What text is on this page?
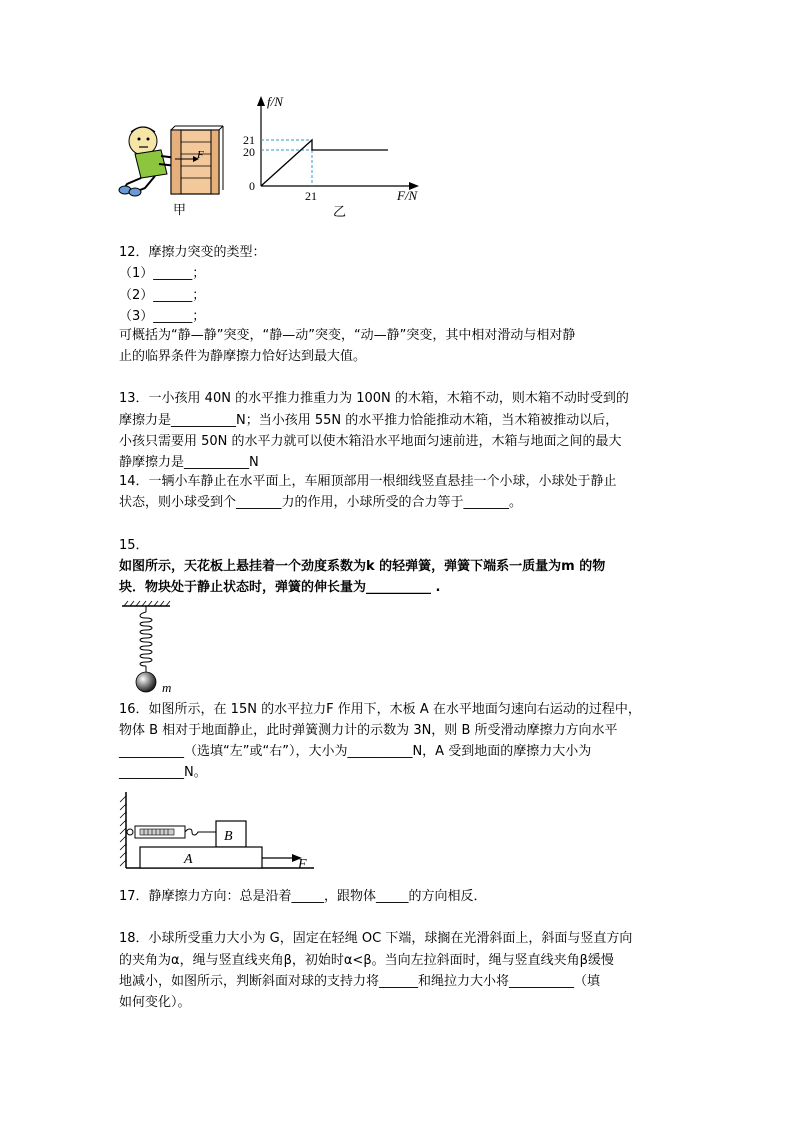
F
甲
f/N
21
20
0
21	F/N
乙
12．摩擦力突变的类型：
（1）______；
（2）______；
（3）______；
可概括为“静—静”突变，“静—动”突变，“动—静”突变，其中相对滑动与相对静
止的临界条件为静摩擦力恰好达到最大值。
13．一小孩用 40N 的水平推力推重力为 100N 的木箱，木箱不动，则木箱不动时受到的
摩擦力是__________N；当小孩用 55N 的水平推力恰能推动木箱，当木箱被推动以后，
小孩只需要用 50N 的水平力就可以使木箱沿水平地面匀速前进，木箱与地面之间的最大
静摩擦力是__________N
14．一辆小车静止在水平面上，车厢顶部用一根细线竖直悬挂一个小球，小球处于静止
状态，则小球受到个_______力的作用，小球所受的合力等于_______。
15．
如图所示，天花板上悬挂着一个劲度系数为k 的轻弹簧，弹簧下端系一质量为m 的物
块．物块处于静止状态时，弹簧的伸长量为__________ .
m
16．如图所示，在 15N 的水平拉力F 作用下，木板 A 在水平地面匀速向右运动的过程中，
物体 B 相对于地面静止，此时弹簧测力计的示数为 3N，则 B 所受滑动摩擦力方向水平
__________（选填“左”或“右”），大小为__________N，A 受到地面的摩擦力大小为
__________N。
B
A	F
17．静摩擦力方向：总是沿着_____，跟物体_____的方向相反．
18．小球所受重力大小为 G，固定在轻绳 OC 下端，球搁在光滑斜面上，斜面与竖直方向
的夹角为α，绳与竖直线夹角β，初始时α<β。当向左拉斜面时，绳与竖直线夹角β缓慢
地减小，如图所示，判断斜面对球的支持力将______和绳拉力大小将__________（填
如何变化）。
